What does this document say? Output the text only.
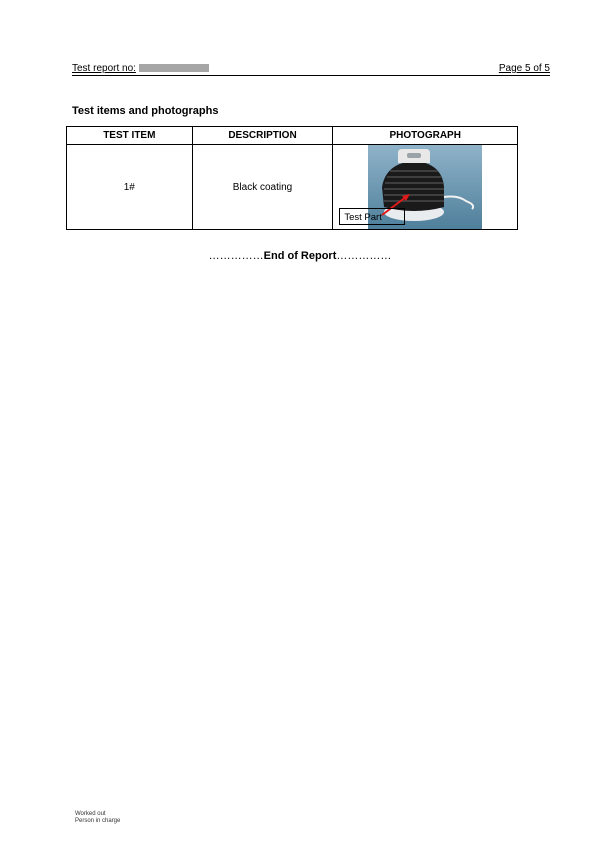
Test report no:	Page 5 of 5
Test items and photographs
TEST ITEM	DESCRIPTION	PHOTOGRAPH
1#	Black coating	Test Part
……………End of Report……………
Worked out
Person in charge
